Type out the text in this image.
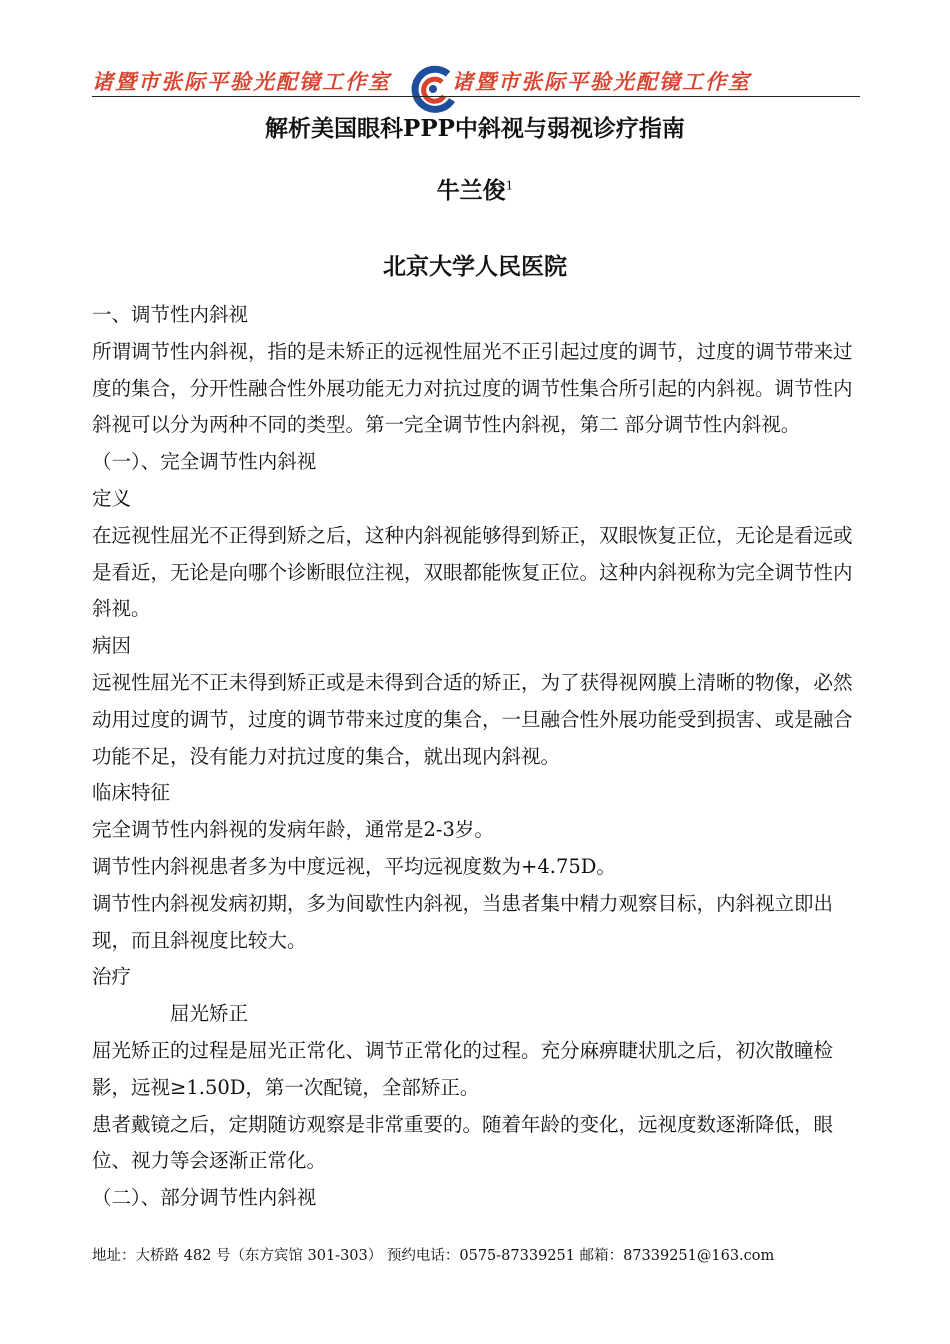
诸暨市张际平验光配镜工作室	诸暨市张际平验光配镜工作室
解析美国眼科PPP中斜视与弱视诊疗指南
牛兰俊$^1$
北京大学人民医院

一、调节性内斜视

所谓调节性内斜视，指的是未矫正的远视性屈光不正引起过度的调节，过度的调节带来过度的集合，分开性融合性外展功能无力对抗过度的调节性集合所引起的内斜视。调节性内斜视可以分为两种不同的类型。第一完全调节性内斜视，第二 部分调节性内斜视。

（一）、完全调节性内斜视

定义

在远视性屈光不正得到矫之后，这种内斜视能够得到矫正，双眼恢复正位，无论是看远或是看近，无论是向哪个诊断眼位注视，双眼都能恢复正位。这种内斜视称为完全调节性内斜视。

病因

远视性屈光不正未得到矫正或是未得到合适的矫正，为了获得视网膜上清晰的物像，必然动用过度的调节，过度的调节带来过度的集合，一旦融合性外展功能受到损害、或是融合功能不足，没有能力对抗过度的集合，就出现内斜视。

临床特征

完全调节性内斜视的发病年龄，通常是2-3岁。

调节性内斜视患者多为中度远视，平均远视度数为+4.75D。

调节性内斜视发病初期，多为间歇性内斜视，当患者集中精力观察目标，内斜视立即出现，而且斜视度比较大。

治疗

屈光矫正

屈光矫正的过程是屈光正常化、调节正常化的过程。充分麻痹睫状肌之后，初次散瞳检影，远视≥1.50D，第一次配镜，全部矫正。

患者戴镜之后，定期随访观察是非常重要的。随着年龄的变化，远视度数逐渐降低，眼位、视力等会逐渐正常化。

（二）、部分调节性内斜视

地址：大桥路 482 号（东方宾馆 301-303） 预约电话：0575-87339251 邮箱：87339251@163.com
